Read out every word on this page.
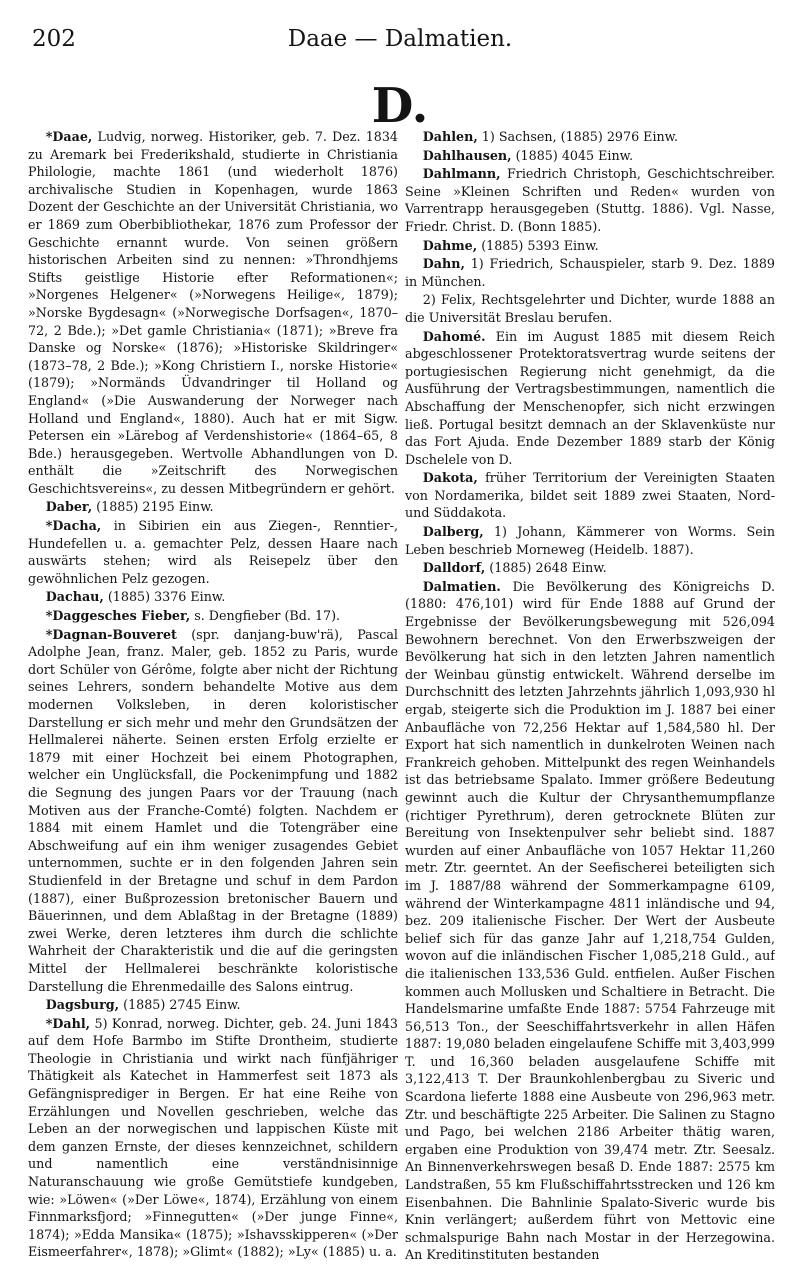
202	Daae — Dalmatien.
D.

*Daae, Ludvig, norweg. Historiker, geb. 7. Dez. 1834 zu Aremark bei Frederikshald, studierte in Christiania Philologie, machte 1861 (und wiederholt 1876) archivalische Studien in Kopenhagen, wurde 1863 Dozent der Geschichte an der Universität Christiania, wo er 1869 zum Oberbibliothekar, 1876 zum Professor der Geschichte ernannt wurde. Von seinen größern historischen Arbeiten sind zu nennen: »Throndhjems Stifts geistlige Historie efter Reformationen«; »Norgenes Helgener« (»Norwegens Heilige«, 1879); »Norske Bygdesagn« (»Norwegische Dorfsagen«, 1870–72, 2 Bde.); »Det gamle Christiania« (1871); »Breve fra Danske og Norske« (1876); »Historiske Skildringer« (1873–78, 2 Bde.); »Kong Christiern I., norske Historie« (1879); »Normänds Üdvandringer til Holland og England« (»Die Auswanderung der Norweger nach Holland und England«, 1880). Auch hat er mit Sigw. Petersen ein »Lärebog af Verdenshistorie« (1864–65, 8 Bde.) herausgegeben. Wertvolle Abhandlungen von D. enthält die »Zeitschrift des Norwegischen Geschichtsvereins«, zu dessen Mitbegründern er gehört.

Daber, (1885) 2195 Einw.

*Dacha, in Sibirien ein aus Ziegen-, Renntier-, Hundefellen u. a. gemachter Pelz, dessen Haare nach auswärts stehen; wird als Reisepelz über den gewöhnlichen Pelz gezogen.

Dachau, (1885) 3376 Einw.

*Daggesches Fieber, s. Dengfieber (Bd. 17).

*Dagnan-Bouveret (spr. danjang-buw'rä), Pascal Adolphe Jean, franz. Maler, geb. 1852 zu Paris, wurde dort Schüler von Gérôme, folgte aber nicht der Richtung seines Lehrers, sondern behandelte Motive aus dem modernen Volksleben, in deren koloristischer Darstellung er sich mehr und mehr den Grundsätzen der Hellmalerei näherte. Seinen ersten Erfolg erzielte er 1879 mit einer Hochzeit bei einem Photographen, welcher ein Unglücksfall, die Pockenimpfung und 1882 die Segnung des jungen Paars vor der Trauung (nach Motiven aus der Franche-Comté) folgten. Nachdem er 1884 mit einem Hamlet und die Totengräber eine Abschweifung auf ein ihm weniger zusagendes Gebiet unternommen, suchte er in den folgenden Jahren sein Studienfeld in der Bretagne und schuf in dem Pardon (1887), einer Bußprozession bretonischer Bauern und Bäuerinnen, und dem Ablaßtag in der Bretagne (1889) zwei Werke, deren letzteres ihm durch die schlichte Wahrheit der Charakteristik und die auf die geringsten Mittel der Hellmalerei beschränkte koloristische Darstellung die Ehrenmedaille des Salons eintrug.

Dagsburg, (1885) 2745 Einw.

*Dahl, 5) Konrad, norweg. Dichter, geb. 24. Juni 1843 auf dem Hofe Barmbo im Stifte Drontheim, studierte Theologie in Christiania und wirkt nach fünfjähriger Thätigkeit als Katechet in Hammerfest seit 1873 als Gefängnisprediger in Bergen. Er hat eine Reihe von Erzählungen und Novellen geschrieben, welche das Leben an der norwegischen und lappischen Küste mit dem ganzen Ernste, der dieses kennzeichnet, schildern und namentlich eine verständnisinnige Naturanschauung wie große Gemütstiefe kundgeben, wie: »Löwen« (»Der Löwe«, 1874), Erzählung von einem Finnmarksfjord; »Finnegutten« (»Der junge Finne«, 1874); »Edda Mansika« (1875); »Ishavsskipperen« (»Der Eismeerfahrer«, 1878); »Glimt« (1882); »Ly« (1885) u. a.

Dahlen, 1) Sachsen, (1885) 2976 Einw.

Dahlhausen, (1885) 4045 Einw.

Dahlmann, Friedrich Christoph, Geschichtschreiber. Seine »Kleinen Schriften und Reden« wurden von Varrentrapp herausgegeben (Stuttg. 1886). Vgl. Nasse, Friedr. Christ. D. (Bonn 1885).

Dahme, (1885) 5393 Einw.

Dahn, 1) Friedrich, Schauspieler, starb 9. Dez. 1889 in München.

2) Felix, Rechtsgelehrter und Dichter, wurde 1888 an die Universität Breslau berufen.

Dahomé. Ein im August 1885 mit diesem Reich abgeschlossener Protektoratsvertrag wurde seitens der portugiesischen Regierung nicht genehmigt, da die Ausführung der Vertragsbestimmungen, namentlich die Abschaffung der Menschenopfer, sich nicht erzwingen ließ. Portugal besitzt demnach an der Sklavenküste nur das Fort Ajuda. Ende Dezember 1889 starb der König Dschelele von D.

Dakota, früher Territorium der Vereinigten Staaten von Nordamerika, bildet seit 1889 zwei Staaten, Nord- und Süddakota.

Dalberg, 1) Johann, Kämmerer von Worms. Sein Leben beschrieb Morneweg (Heidelb. 1887).

Dalldorf, (1885) 2648 Einw.

Dalmatien. Die Bevölkerung des Königreichs D. (1880: 476,101) wird für Ende 1888 auf Grund der Ergebnisse der Bevölkerungsbewegung mit 526,094 Bewohnern berechnet. Von den Erwerbszweigen der Bevölkerung hat sich in den letzten Jahren namentlich der Weinbau günstig entwickelt. Während derselbe im Durchschnitt des letzten Jahrzehnts jährlich 1,093,930 hl ergab, steigerte sich die Produktion im J. 1887 bei einer Anbaufläche von 72,256 Hektar auf 1,584,580 hl. Der Export hat sich namentlich in dunkelroten Weinen nach Frankreich gehoben. Mittelpunkt des regen Weinhandels ist das betriebsame Spalato. Immer größere Bedeutung gewinnt auch die Kultur der Chrysanthemumpflanze (richtiger Pyrethrum), deren getrocknete Blüten zur Bereitung von Insektenpulver sehr beliebt sind. 1887 wurden auf einer Anbaufläche von 1057 Hektar 11,260 metr. Ztr. geerntet. An der Seefischerei beteiligten sich im J. 1887/88 während der Sommerkampagne 6109, während der Winterkampagne 4811 inländische und 94, bez. 209 italienische Fischer. Der Wert der Ausbeute belief sich für das ganze Jahr auf 1,218,754 Gulden, wovon auf die inländischen Fischer 1,085,218 Guld., auf die italienischen 133,536 Guld. entfielen. Außer Fischen kommen auch Mollusken und Schaltiere in Betracht. Die Handelsmarine umfaßte Ende 1887: 5754 Fahrzeuge mit 56,513 Ton., der Seeschiffahrtsverkehr in allen Häfen 1887: 19,080 beladen eingelaufene Schiffe mit 3,403,999 T. und 16,360 beladen ausgelaufene Schiffe mit 3,122,413 T. Der Braunkohlenbergbau zu Siveric und Scardona lieferte 1888 eine Ausbeute von 296,963 metr. Ztr. und beschäftigte 225 Arbeiter. Die Salinen zu Stagno und Pago, bei welchen 2186 Arbeiter thätig waren, ergaben eine Produktion von 39,474 metr. Ztr. Seesalz. An Binnenverkehrswegen besaß D. Ende 1887: 2575 km Landstraßen, 55 km Flußschiffahrtsstrecken und 126 km Eisenbahnen. Die Bahnlinie Spalato-Siveric wurde bis Knin verlängert; außerdem führt von Mettovic eine schmalspurige Bahn nach Mostar in der Herzegowina. An Kreditinstituten bestanden
